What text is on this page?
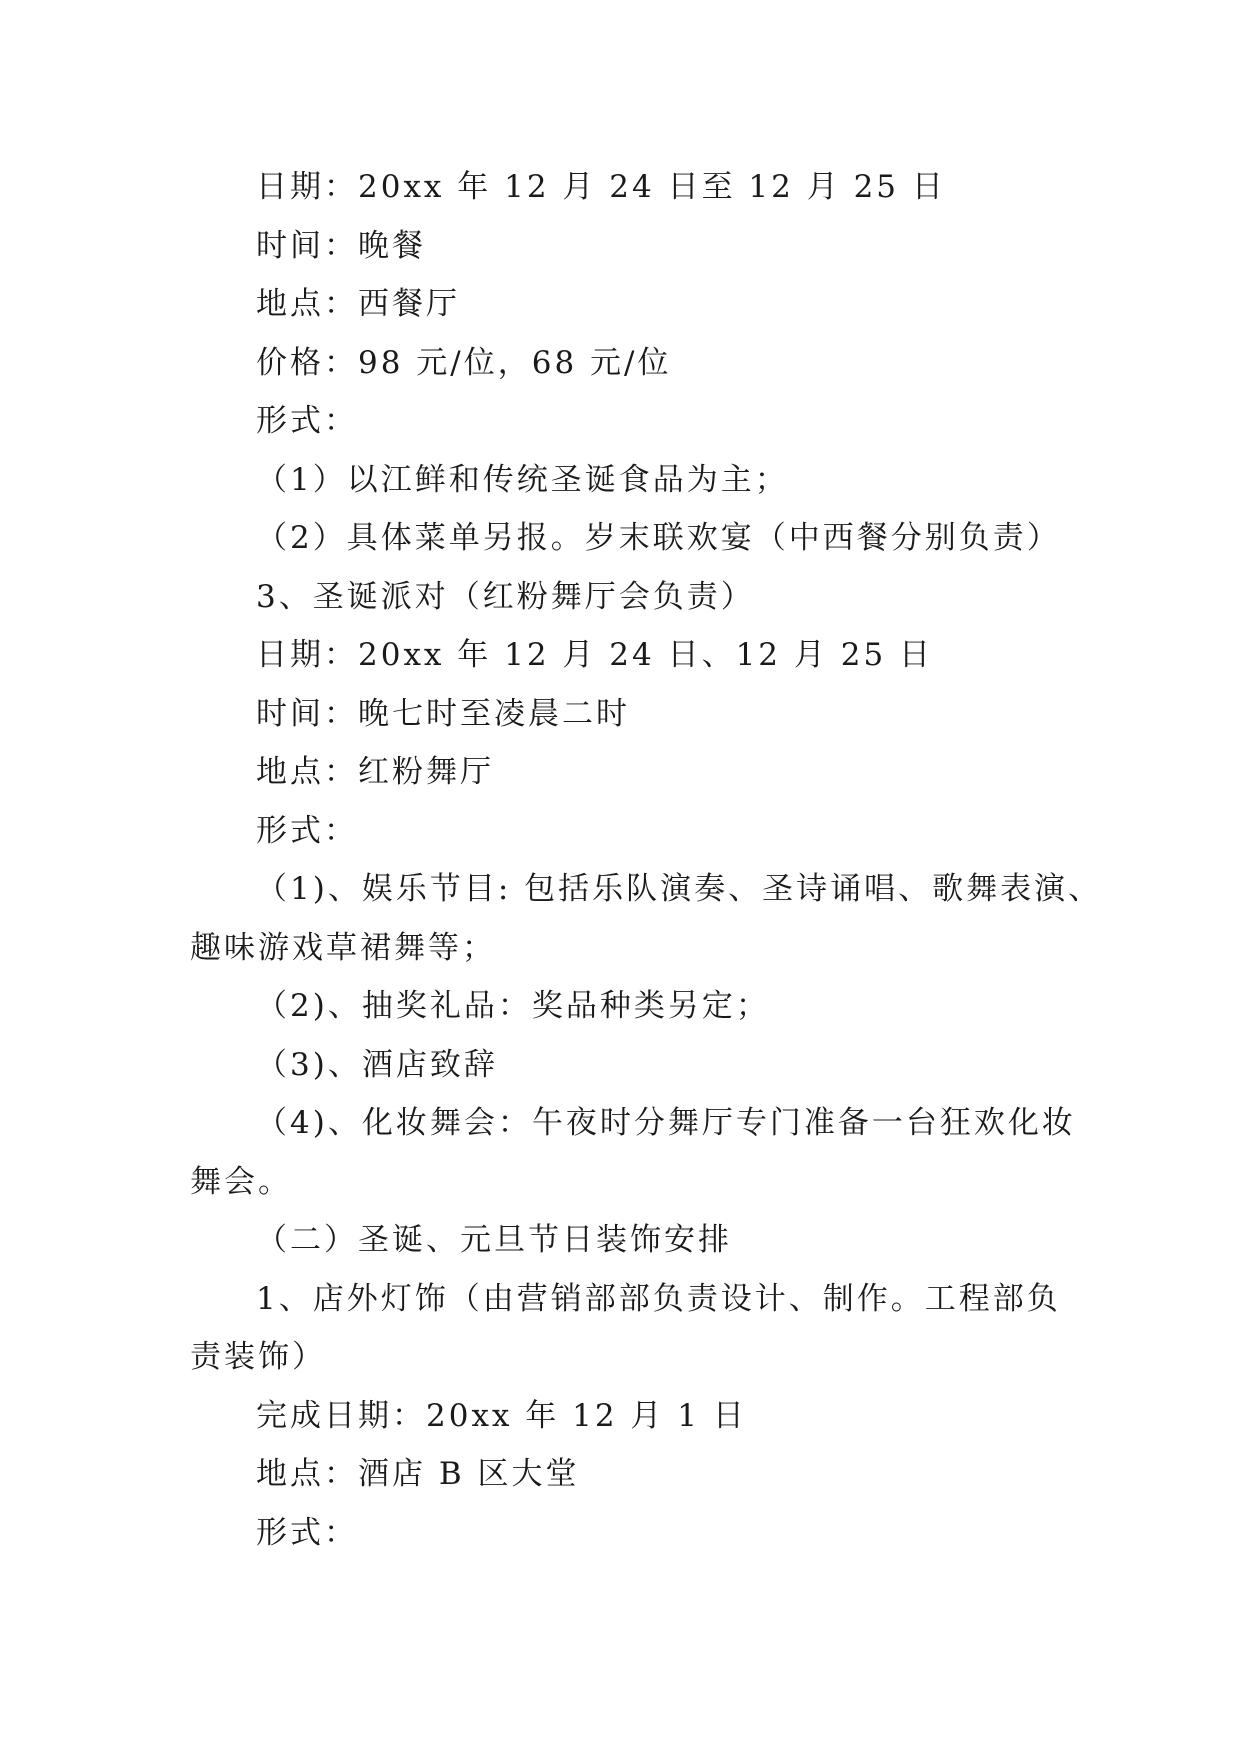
日期：20xx 年 12 月 24 日至 12 月 25 日
时间：晚餐
地点：西餐厅
价格：98 元/位，68 元/位
形式：
（1）以江鲜和传统圣诞食品为主；
（2）具体菜单另报。岁末联欢宴（中西餐分别负责）
3、圣诞派对（红粉舞厅会负责）
日期：20xx 年 12 月 24 日、12 月 25 日
时间：晚七时至凌晨二时
地点：红粉舞厅
形式：
（1)、娱乐节目: 包括乐队演奏、圣诗诵唱、歌舞表演、
趣味游戏草裙舞等；
（2)、抽奖礼品：奖品种类另定；
（3)、酒店致辞
（4)、化妆舞会：午夜时分舞厅专门准备一台狂欢化妆
舞会。
（二）圣诞、元旦节日装饰安排
1、店外灯饰（由营销部部负责设计、制作。工程部负
责装饰）
完成日期：20xx 年 12 月 1 日
地点：酒店 B 区大堂
形式：
